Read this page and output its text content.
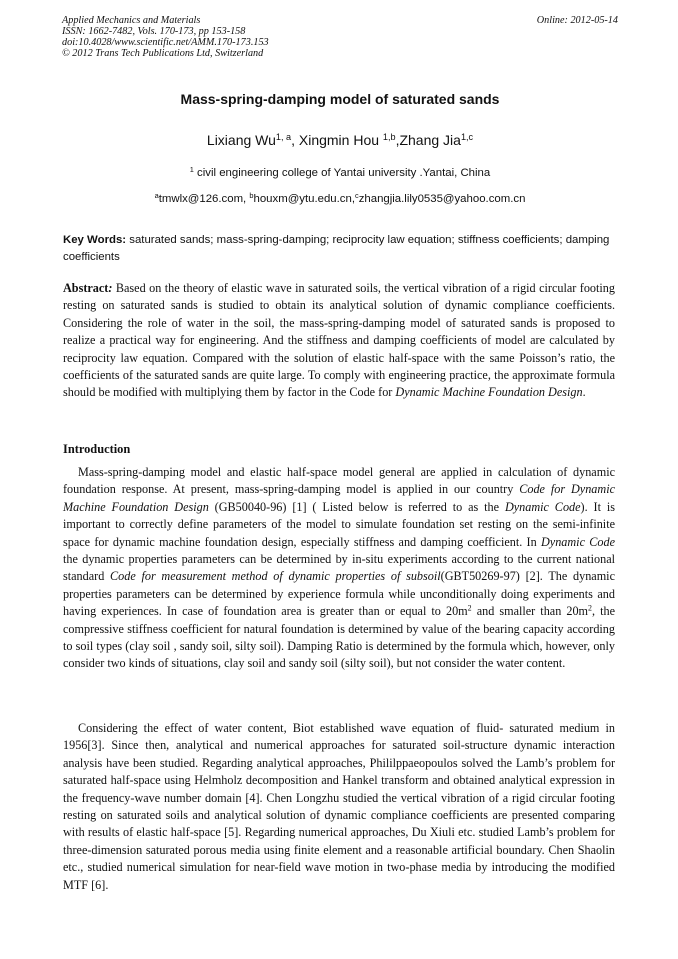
Applied Mechanics and Materials
ISSN: 1662-7482, Vols. 170-173, pp 153-158
doi:10.4028/www.scientific.net/AMM.170-173.153
© 2012 Trans Tech Publications Ltd, Switzerland
Online: 2012-05-14
Mass-spring-damping model of saturated sands
Lixiang Wu$^{1, a}$, Xingmin Hou $^{1,b}$,Zhang Jia$^{1,c}$
$^1$ civil engineering college of Yantai university .Yantai, China
$^a$tmwlx@126.com, $^b$houxm@ytu.edu.cn,$^c$zhangjia.lily0535@yahoo.com.cn
Key Words: saturated sands; mass-spring-damping; reciprocity law equation; stiffness coefficients; damping coefficients
Abstract: Based on the theory of elastic wave in saturated soils, the vertical vibration of a rigid circular footing resting on saturated sands is studied to obtain its analytical solution of dynamic compliance coefficients. Considering the role of water in the soil, the mass-spring-damping model of saturated sands is proposed to realize a practical way for engineering. And the stiffness and damping coefficients of model are calculated by reciprocity law equation. Compared with the solution of elastic half-space with the same Poisson’s ratio, the coefficients of the saturated sands are quite large. To comply with engineering practice, the approximate formula should be modified with multiplying them by factor in the Code for Dynamic Machine Foundation Design.
Introduction
Mass-spring-damping model and elastic half-space model general are applied in calculation of dynamic foundation response. At present, mass-spring-damping model is applied in our country Code for Dynamic Machine Foundation Design (GB50040-96) [1] ( Listed below is referred to as the Dynamic Code). It is important to correctly define parameters of the model to simulate foundation set resting on the semi-infinite space for dynamic machine foundation design, especially stiffness and damping coefficient. In Dynamic Code the dynamic properties parameters can be determined by in-situ experiments according to the current national standard Code for measurement method of dynamic properties of subsoil(GBT50269-97) [2]. The dynamic properties parameters can be determined by experience formula while unconditionally doing experiments and having experiences. In case of foundation area is greater than or equal to $20m^2$ and smaller than $20m^2$, the compressive stiffness coefficient for natural foundation is determined by value of the bearing capacity according to soil types (clay soil , sandy soil, silty soil). Damping Ratio is determined by the formula which, however, only consider two kinds of situations, clay soil and sandy soil (silty soil), but not consider the water content.
Considering the effect of water content, Biot established wave equation of fluid- saturated medium in 1956[3]. Since then, analytical and numerical approaches for saturated soil-structure dynamic interaction analysis have been studied. Regarding analytical approaches, Phililppaeopoulos solved the Lamb’s problem for saturated half-space using Helmholz decomposition and Hankel transform and obtained analytical expression in the frequency-wave number domain [4]. Chen Longzhu studied the vertical vibration of a rigid circular footing resting on saturated soils and analytical solution of dynamic compliance coefficients are presented comparing with results of elastic half-space [5]. Regarding numerical approaches, Du Xiuli etc. studied Lamb’s problem for three-dimension saturated porous media using finite element and a reasonable artificial boundary. Chen Shaolin etc., studied numerical simulation for near-field wave motion in two-phase media by introducing the modified MTF [6].
